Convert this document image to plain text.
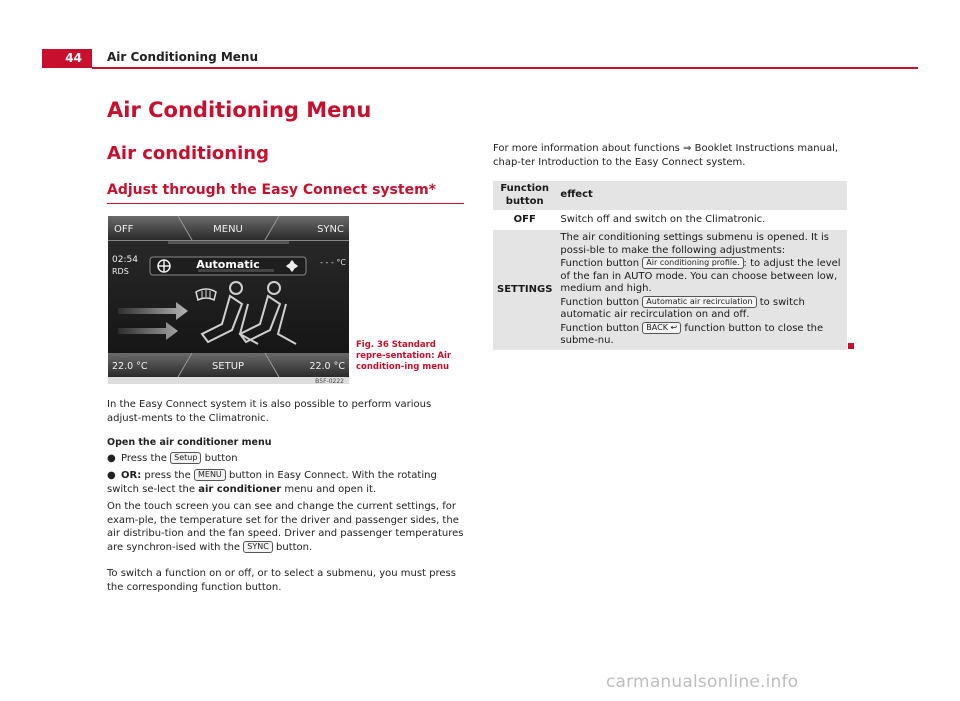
44	Air Conditioning Menu
Air Conditioning Menu
Air conditioning
Adjust through the Easy Connect system*
OFF	MENU	SYNC
02:54
RDS
Automatic	- - - °C
22.0 °C	SETUP	22.0 °C
B5F-0222
Fig. 36 Standard repre-sentation: Air condition-ing menu
In the Easy Connect system it is also possible to perform various adjust-ments to the Climatronic.
Open the air conditioner menu
● Press the Setup button
● OR: press the MENU button in Easy Connect. With the rotating switch se-lect the air conditioner menu and open it.
On the touch screen you can see and change the current settings, for exam-ple, the temperature set for the driver and passenger sides, the air distribu-tion and the fan speed. Driver and passenger temperatures are synchron-ised with the SYNC button.
To switch a function on or off, or to select a submenu, you must press the corresponding function button.
For more information about functions ⇒ Booklet Instructions manual, chap-ter Introduction to the Easy Connect system.
Function button	effect
OFF	Switch off and switch on the Climatronic.
SETTINGS	The air conditioning settings submenu is opened. It is possi-ble to make the following adjustments:
Function button Air conditioning profile. : to adjust the level of the fan in AUTO mode. You can choose between low, medium and high.
Function button Automatic air recirculation to switch automatic air recirculation on and off.
Function button BACK ↩ function button to close the subme-nu.
carmanualsonline.info
